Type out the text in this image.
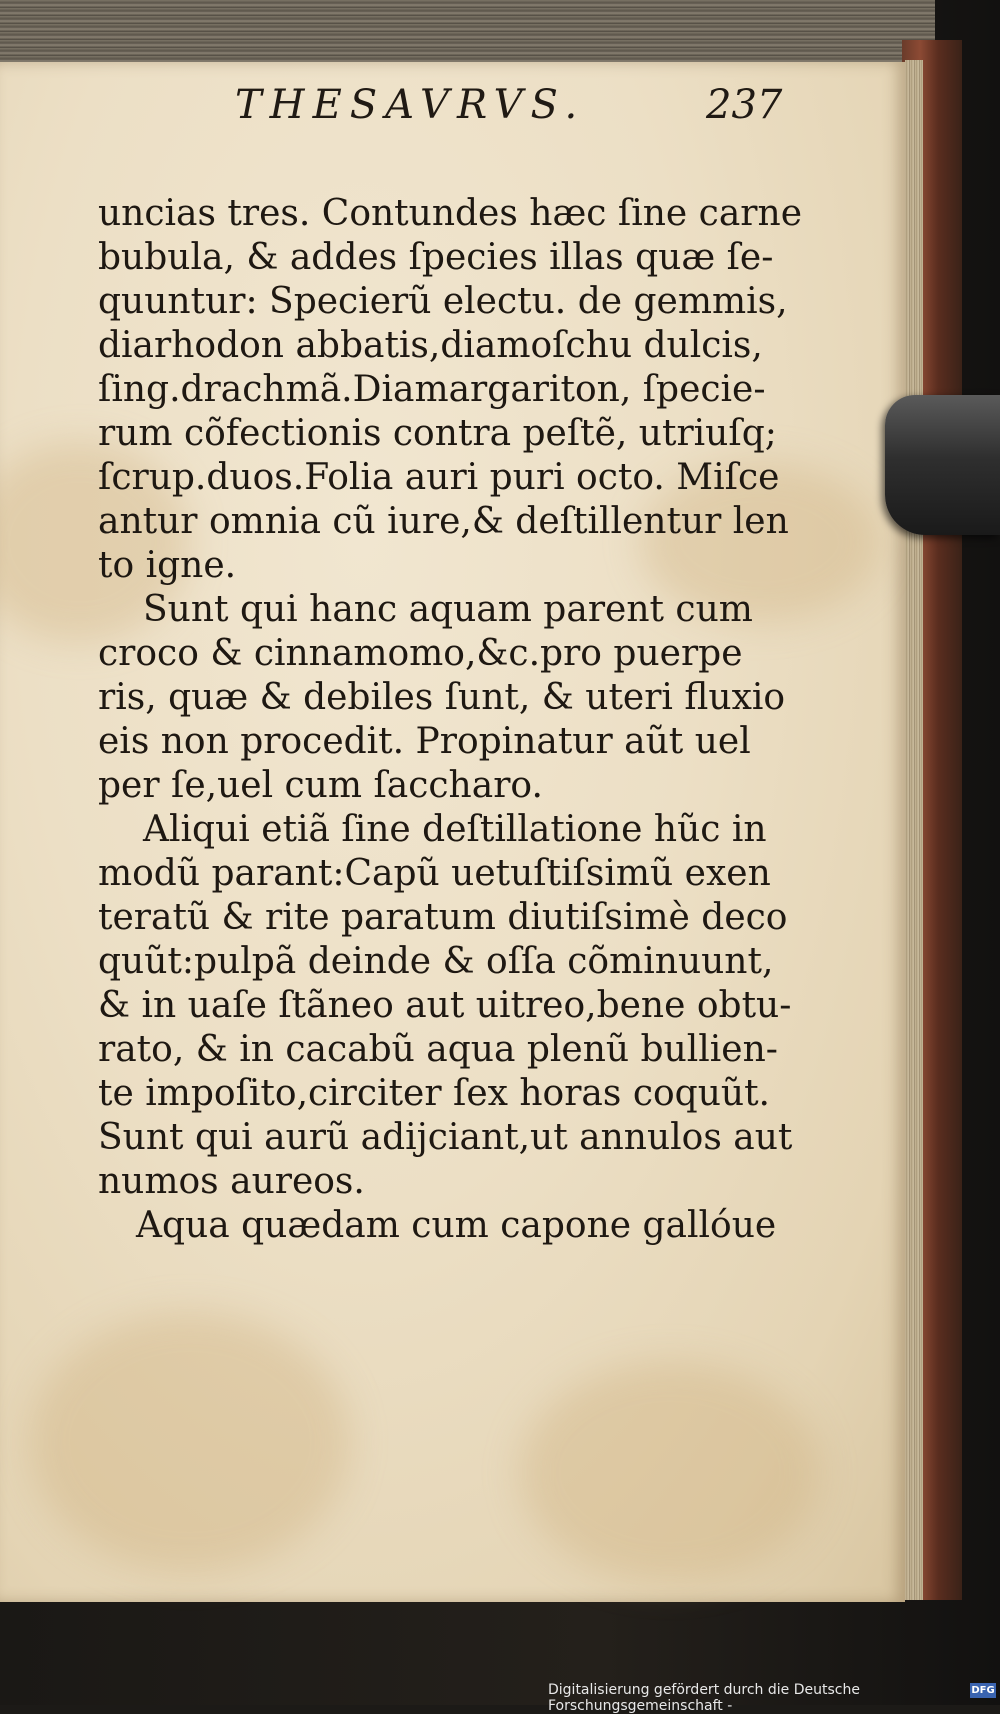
THESAVRVS.	237
uncias tres. Contundes hæc ſine carne
bubula, & addes ſpecies illas quæ ſe-
quuntur: Specierũ electu. de gemmis,
diarhodon abbatis,diamoſchu dulcis,
ſing.drachmã.Diamargariton, ſpecie-
rum cõfectionis contra peſtẽ, utriuſq;
ſcrup.duos.Folia auri puri octo. Miſce
antur omnia cũ iure,& deſtillentur len
to igne.
Sunt qui hanc aquam parent cum
croco & cinnamomo,&c.pro puerpe
ris, quæ & debiles ſunt, & uteri fluxio
eis non procedit. Propinatur aũt uel
per ſe,uel cum ſaccharo.
Aliqui etiã ſine deſtillatione hũc in
modũ parant:Capũ uetuſtiſsimũ exen
teratũ & rite paratum diutiſsimè deco
quũt:pulpã deinde & oſſa cõminuunt,
& in uaſe ſtãneo aut uitreo,bene obtu-
rato, & in cacabũ aqua plenũ bullien-
te impoſito,circiter ſex horas coquũt.
Sunt qui aurũ adijciant,ut annulos aut
numos aureos.
Aqua quædam cum capone gallóue
Digitalisierung gefördert durch die Deutsche Forschungsgemeinschaft -
DFG
